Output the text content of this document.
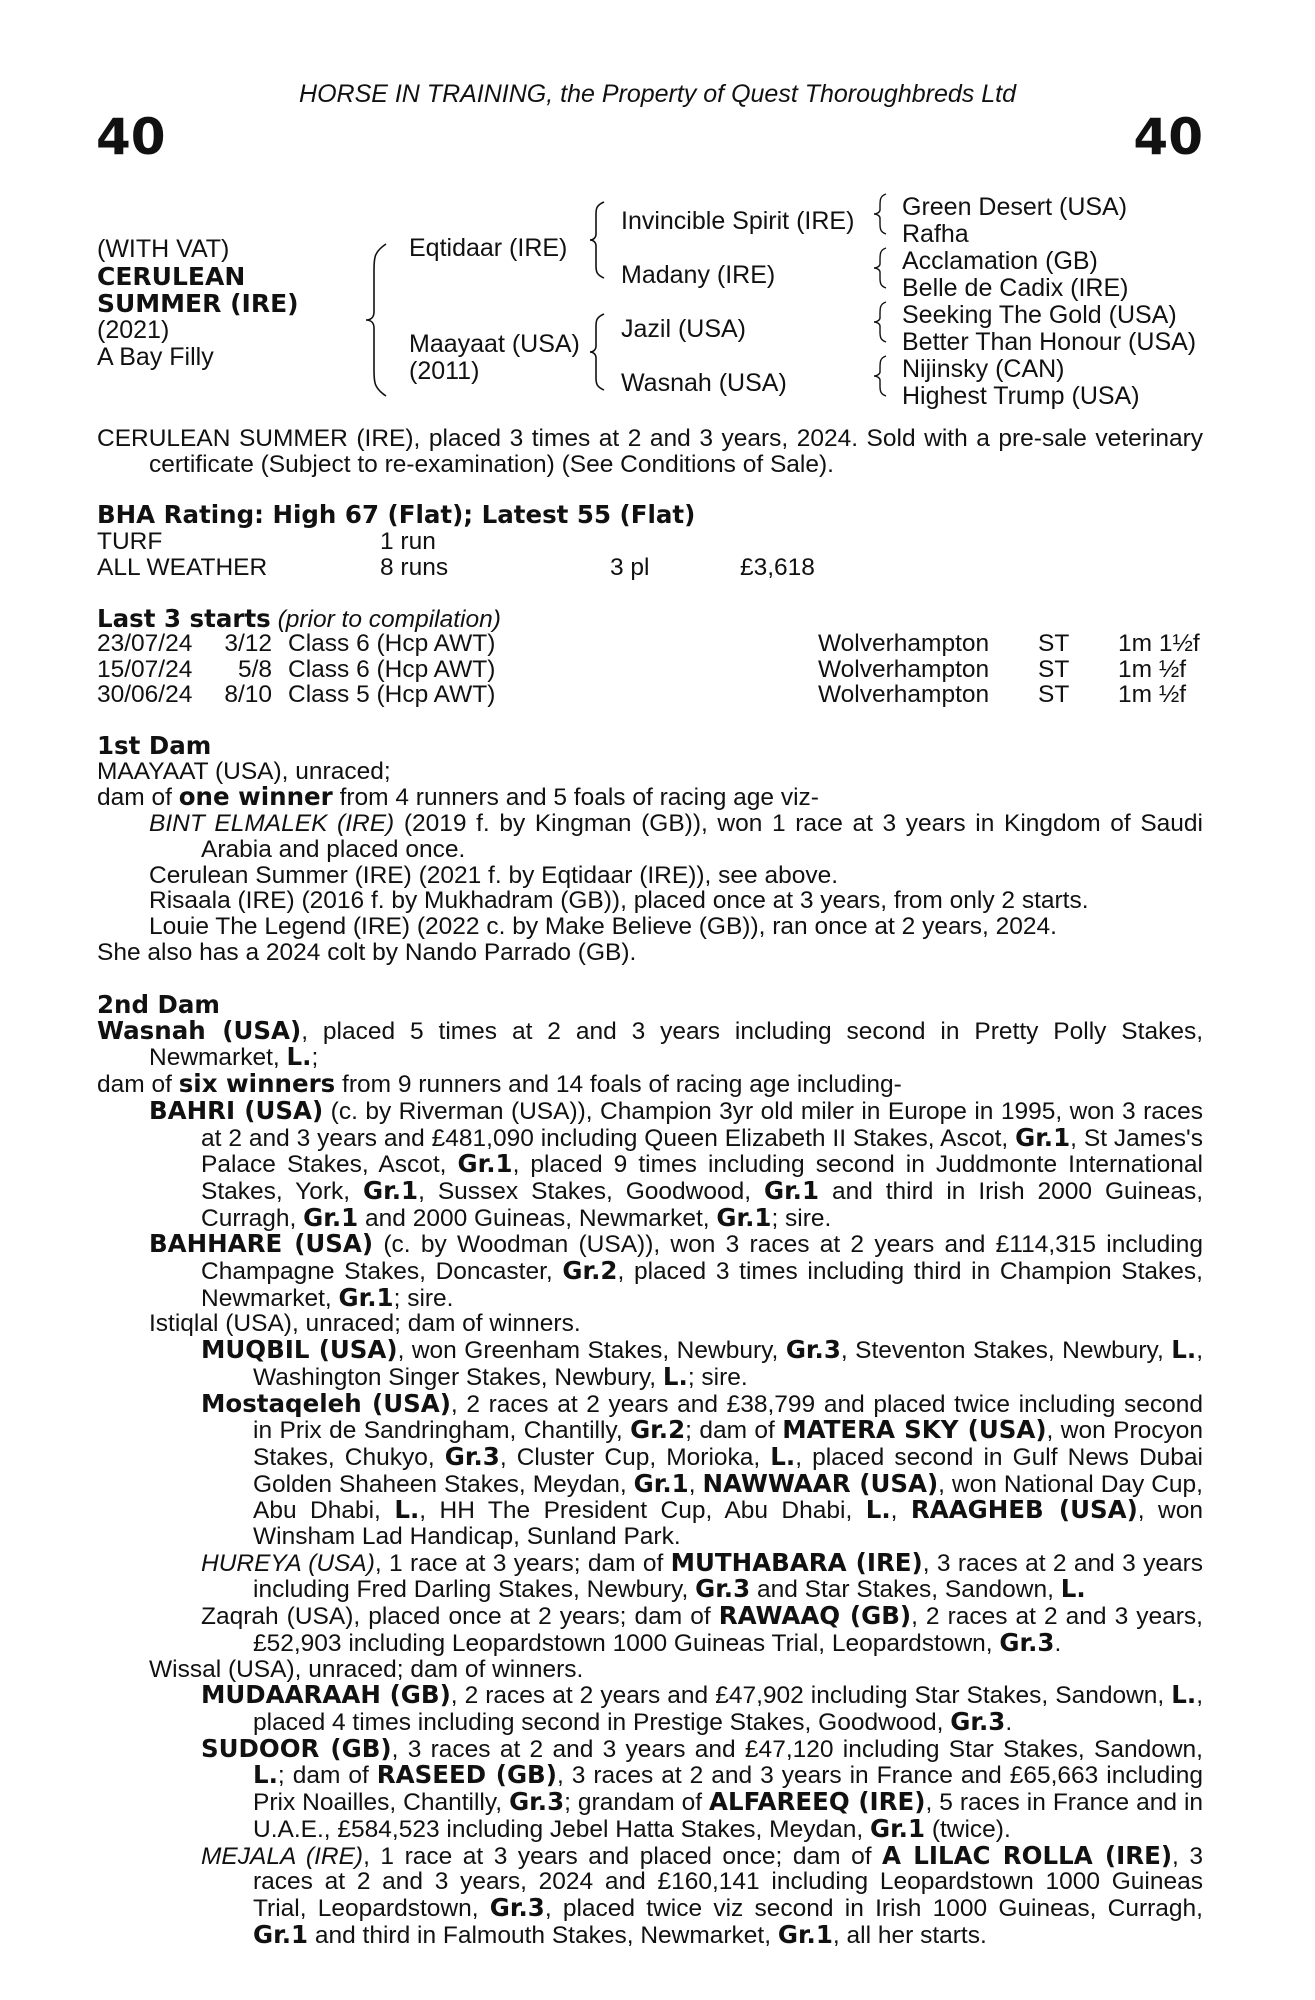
HORSE IN TRAINING, the Property of Quest Thoroughbreds Ltd
40	40
(WITH VAT)
CERULEAN
SUMMER (IRE)
(2021)
A Bay Filly
Eqtidaar (IRE)
Maayaat (USA)
(2011)
Invincible Spirit (IRE)
Madany (IRE)
Jazil (USA)
Wasnah (USA)
Green Desert (USA)
Rafha
Acclamation (GB)
Belle de Cadix (IRE)
Seeking The Gold (USA)
Better Than Honour (USA)
Nijinsky (CAN)
Highest Trump (USA)

CERULEAN SUMMER (IRE), placed 3 times at 2 and 3 years, 2024. Sold with a pre-sale veterinary certificate (Subject to re-examination) (See Conditions of Sale).

BHA Rating: High 67 (Flat); Latest 55 (Flat)

TURF	1 run
ALL WEATHER	8 runs	3 pl	£3,618
Last 3 starts (prior to compilation)
23/07/24 3/12 Class 6 (Hcp AWT)	Wolverhampton ST 1m 1½f
15/07/24 5/8 Class 6 (Hcp AWT)	Wolverhampton ST 1m ½f
30/06/24 8/10 Class 5 (Hcp AWT)	Wolverhampton ST 1m ½f

1st Dam

MAAYAAT (USA), unraced;

dam of one winner from 4 runners and 5 foals of racing age viz-

BINT ELMALEK (IRE) (2019 f. by Kingman (GB)), won 1 race at 3 years in Kingdom of Saudi Arabia and placed once.

Cerulean Summer (IRE) (2021 f. by Eqtidaar (IRE)), see above.

Risaala (IRE) (2016 f. by Mukhadram (GB)), placed once at 3 years, from only 2 starts.

Louie The Legend (IRE) (2022 c. by Make Believe (GB)), ran once at 2 years, 2024.

She also has a 2024 colt by Nando Parrado (GB).

2nd Dam

Wasnah (USA), placed 5 times at 2 and 3 years including second in Pretty Polly Stakes, Newmarket, L.;

dam of six winners from 9 runners and 14 foals of racing age including-

BAHRI (USA) (c. by Riverman (USA)), Champion 3yr old miler in Europe in 1995, won 3 races at 2 and 3 years and £481,090 including Queen Elizabeth II Stakes, Ascot, Gr.1, St James's Palace Stakes, Ascot, Gr.1, placed 9 times including second in Juddmonte International Stakes, York, Gr.1, Sussex Stakes, Goodwood, Gr.1 and third in Irish 2000 Guineas, Curragh, Gr.1 and 2000 Guineas, Newmarket, Gr.1; sire.

BAHHARE (USA) (c. by Woodman (USA)), won 3 races at 2 years and £114,315 including Champagne Stakes, Doncaster, Gr.2, placed 3 times including third in Champion Stakes, Newmarket, Gr.1; sire.

Istiqlal (USA), unraced; dam of winners.

MUQBIL (USA), won Greenham Stakes, Newbury, Gr.3, Steventon Stakes, Newbury, L., Washington Singer Stakes, Newbury, L.; sire.

Mostaqeleh (USA), 2 races at 2 years and £38,799 and placed twice including second in Prix de Sandringham, Chantilly, Gr.2; dam of MATERA SKY (USA), won Procyon Stakes, Chukyo, Gr.3, Cluster Cup, Morioka, L., placed second in Gulf News Dubai Golden Shaheen Stakes, Meydan, Gr.1, NAWWAAR (USA), won National Day Cup, Abu Dhabi, L., HH The President Cup, Abu Dhabi, L., RAAGHEB (USA), won Winsham Lad Handicap, Sunland Park.

HUREYA (USA), 1 race at 3 years; dam of MUTHABARA (IRE), 3 races at 2 and 3 years including Fred Darling Stakes, Newbury, Gr.3 and Star Stakes, Sandown, L.

Zaqrah (USA), placed once at 2 years; dam of RAWAAQ (GB), 2 races at 2 and 3 years, £52,903 including Leopardstown 1000 Guineas Trial, Leopardstown, Gr.3.

Wissal (USA), unraced; dam of winners.

MUDAARAAH (GB), 2 races at 2 years and £47,902 including Star Stakes, Sandown, L., placed 4 times including second in Prestige Stakes, Goodwood, Gr.3.

SUDOOR (GB), 3 races at 2 and 3 years and £47,120 including Star Stakes, Sandown, L.; dam of RASEED (GB), 3 races at 2 and 3 years in France and £65,663 including Prix Noailles, Chantilly, Gr.3; grandam of ALFAREEQ (IRE), 5 races in France and in U.A.E., £584,523 including Jebel Hatta Stakes, Meydan, Gr.1 (twice).

MEJALA (IRE), 1 race at 3 years and placed once; dam of A LILAC ROLLA (IRE), 3 races at 2 and 3 years, 2024 and £160,141 including Leopardstown 1000 Guineas Trial, Leopardstown, Gr.3, placed twice viz second in Irish 1000 Guineas, Curragh, Gr.1 and third in Falmouth Stakes, Newmarket, Gr.1, all her starts.
